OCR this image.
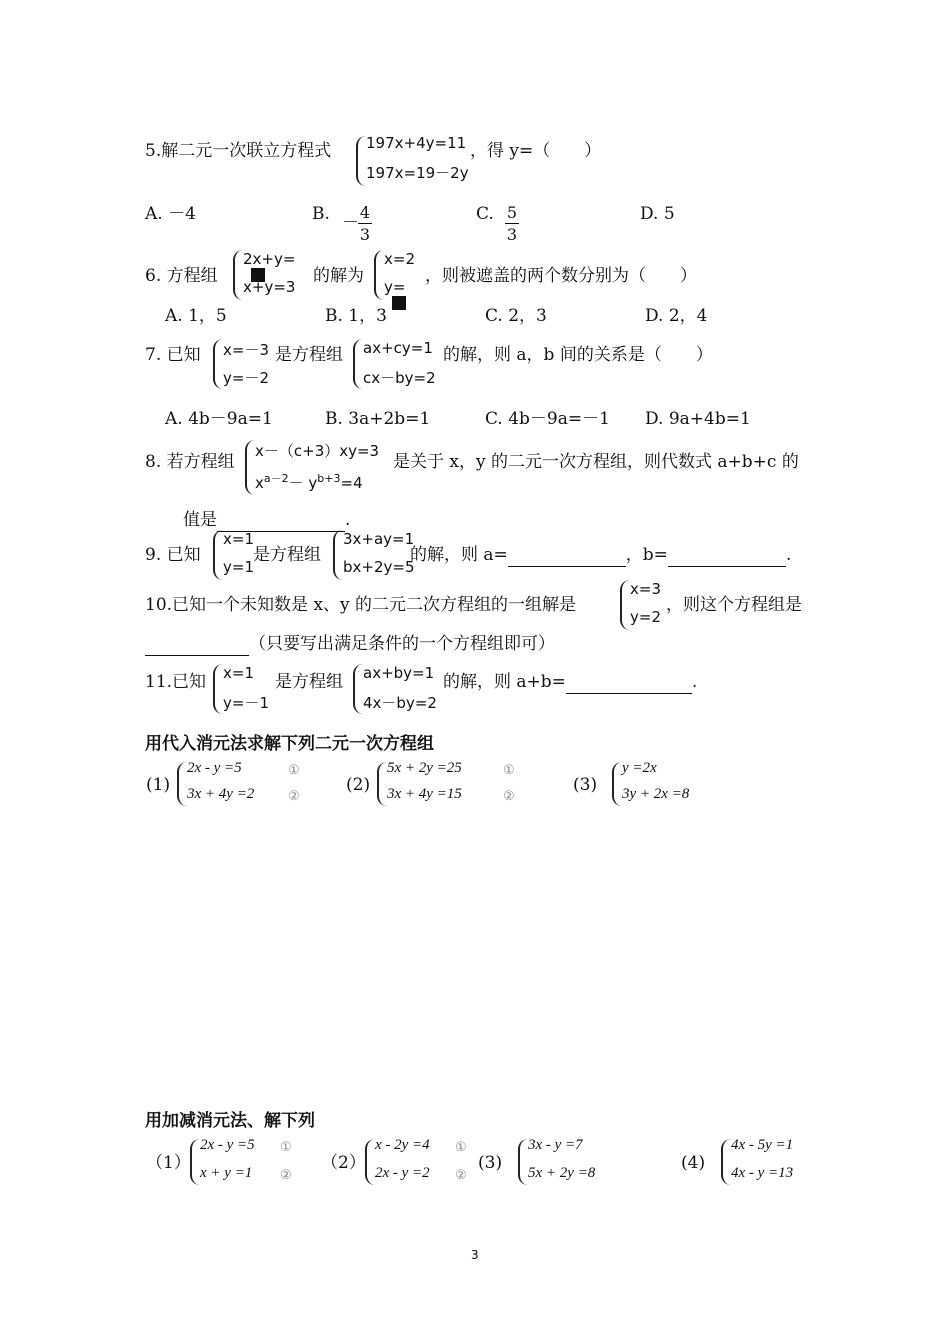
5.解二元一次联立方程式 197x+4y=11
197x=19－2y
，得 y=（　　）
A. －4	B. －
4
3
C. 5
3
D. 5
6. 方程组
2x+y=
x+y=3
的解为
x=2
y=
，则被遮盖的两个数分别为（　　）
A. 1，5	B. 1，3	C. 2，3	D. 2，4
7. 已知 x=－3
y=－2
是方程组 ax+cy=1
cx－by=2
的解，则 a，b 间的关系是（　　）
A. 4b－9a=1	B. 3a+2b=1	C. 4b－9a=－1 D. 9a+4b=1
8. 若方程组
x－（c+3）xy=3
$x^{a-2}- y^{b+3}=4$
是关于 x，y 的二元一次方程组，则代数式 a+b+c 的
值是	.
9. 已知
x=1
y=1
是方程组
3x+ay=1
bx+2y=5
的解，则 a=	，b=	.
10.已知一个未知数是 x、y 的二元二次方程组的一组解是
x=3
y=2
，则这个方程组是
（只要写出满足条件的一个方程组即可）
11.已知 x=1
y=－1
是方程组 ax+by=1
4x－by=2
的解，则 a+b=	.
用代入消元法求解下列二元一次方程组
(1)
2x - y =5
3x + 4y =2
①
②
(2)
5x + 2y =25
3x + 4y =15
①
②
(3)
y =2x
3y + 2x =8
用加减消元法、解下列
（1）
2x - y =5
x + y =1
①
②
（2）
x - 2y =4
2x - y =2
①
②
(3)
3x - y =7
5x + 2y =8	(4)
4x - 5y =1
4x - y =13
3
